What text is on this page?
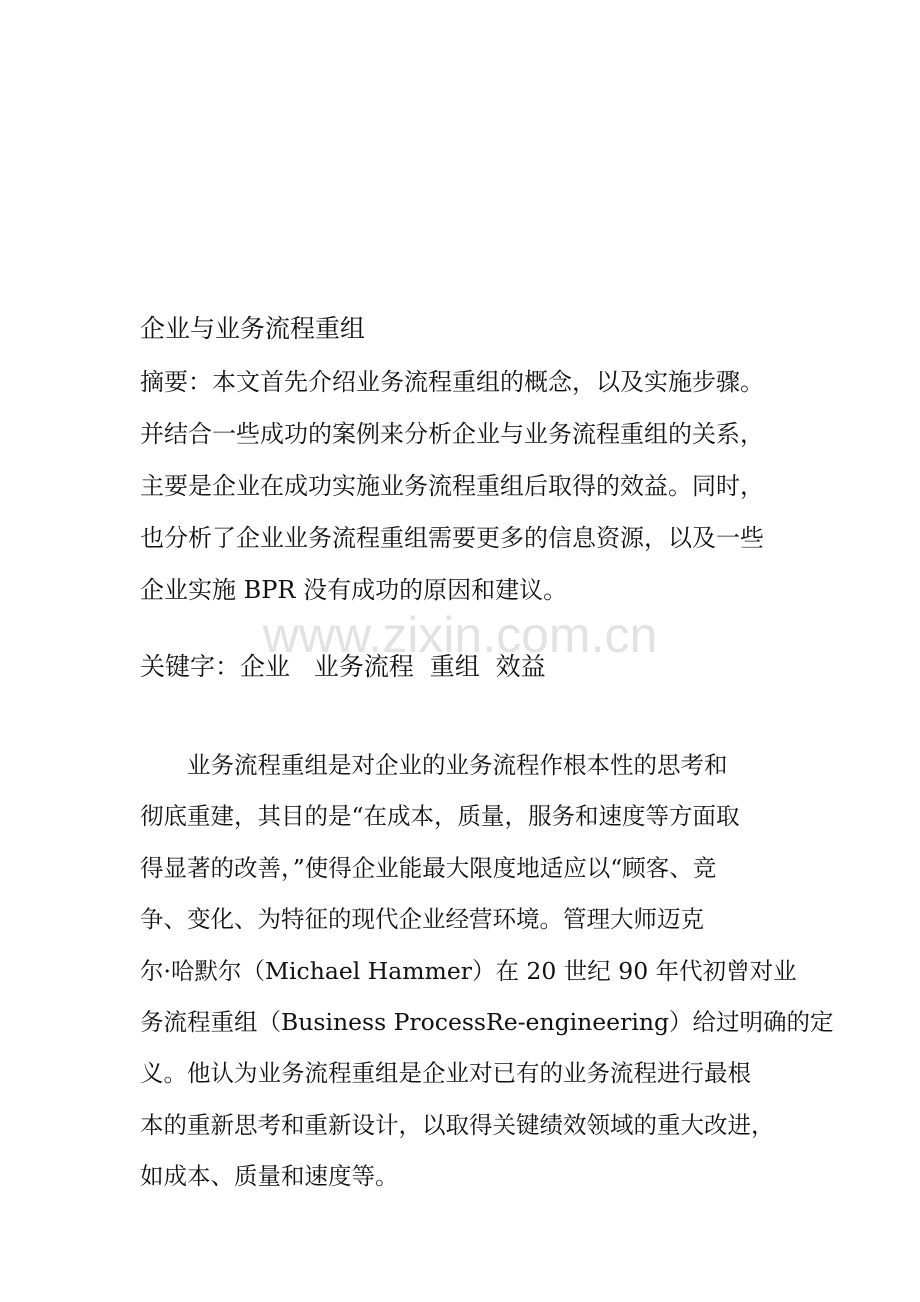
企业与业务流程重组
摘要：本文首先介绍业务流程重组的概念，以及实施步骤。
并结合一些成功的案例来分析企业与业务流程重组的关系，
主要是企业在成功实施业务流程重组后取得的效益。同时，
也分析了企业业务流程重组需要更多的信息资源，以及一些
企业实施 BPR 没有成功的原因和建议。
www.zixin.com.cn
关键字：企业   业务流程  重组  效益
业务流程重组是对企业的业务流程作根本性的思考和
彻底重建，其目的是“在成本，质量，服务和速度等方面取
得显著的改善，”使得企业能最大限度地适应以“顾客、竞
争、变化、为特征的现代企业经营环境。管理大师迈克
尔·哈默尔（Michael Hammer）在 20 世纪 90 年代初曾对业
务流程重组（Business ProcessRe-engineering）给过明确的定
义。他认为业务流程重组是企业对已有的业务流程进行最根
本的重新思考和重新设计，以取得关键绩效领域的重大改进，
如成本、质量和速度等。
